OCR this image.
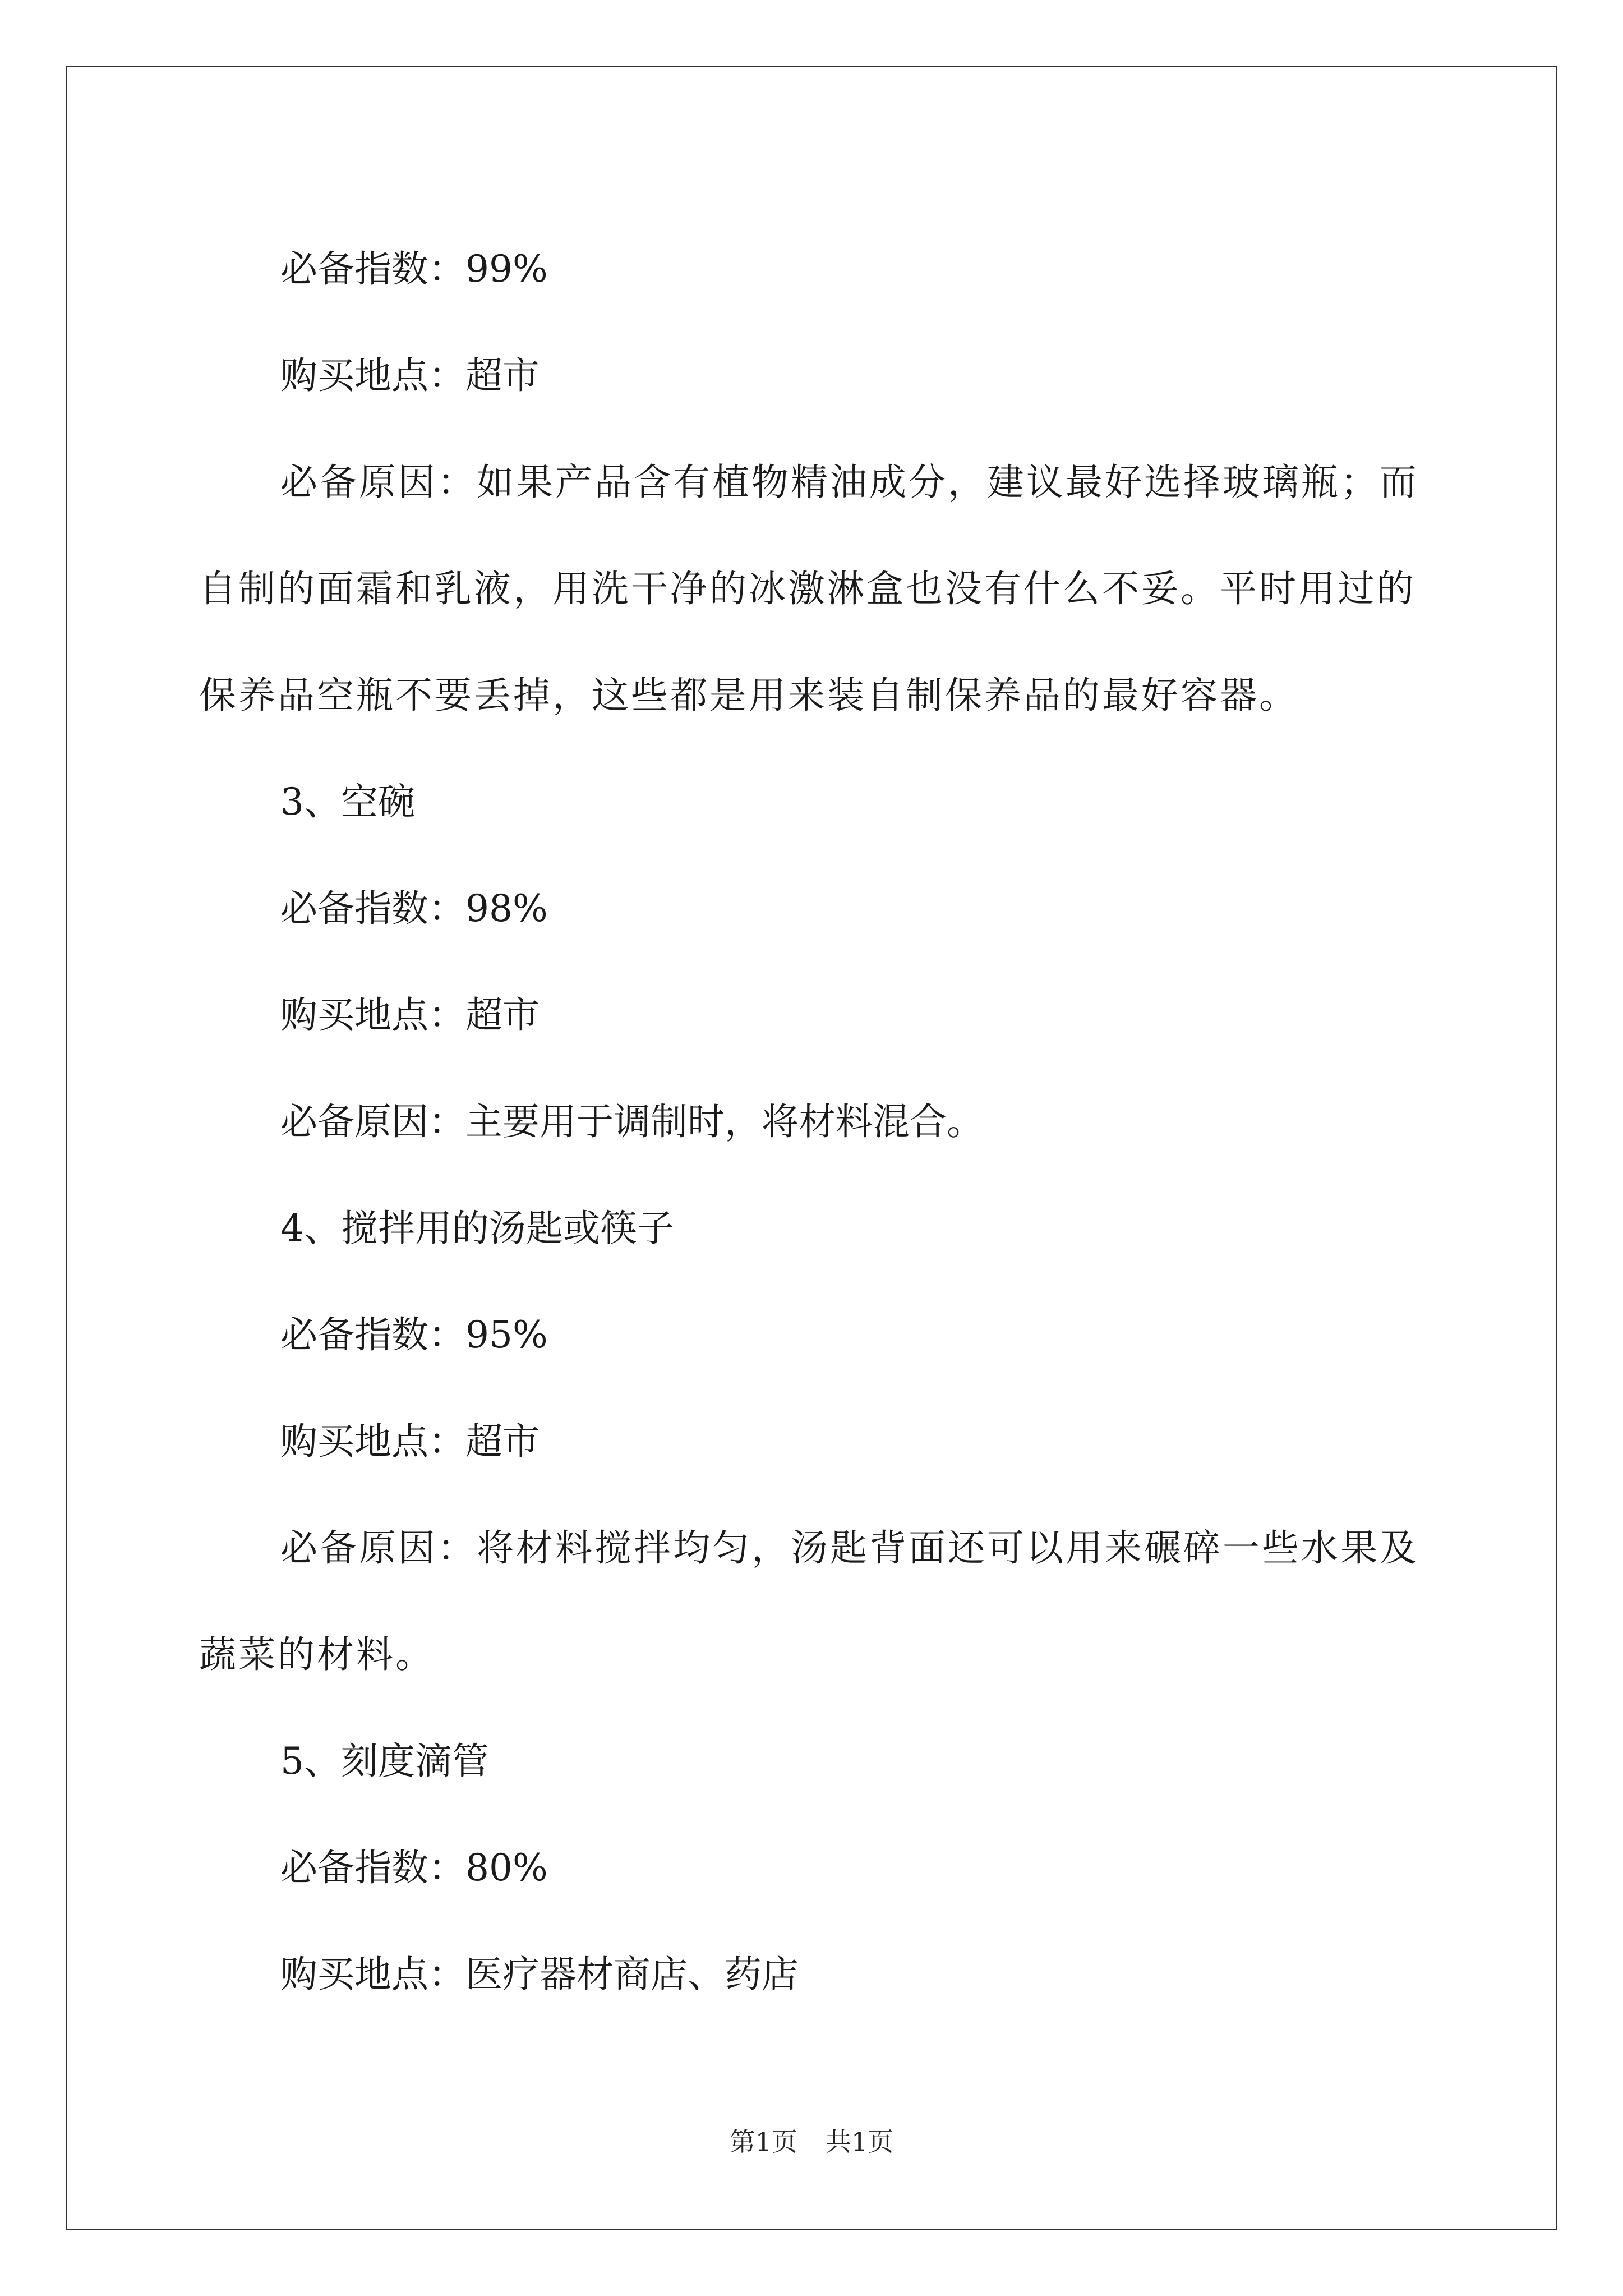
必备指数：99%

购买地点：超市

必备原因：如果产品含有植物精油成分，建议最好选择玻璃瓶；而自制的面霜和乳液，用洗干净的冰激淋盒也没有什么不妥。平时用过的保养品空瓶不要丢掉，这些都是用来装自制保养品的最好容器。

3、空碗

必备指数：98%

购买地点：超市

必备原因：主要用于调制时，将材料混合。

4、搅拌用的汤匙或筷子

必备指数：95%

购买地点：超市

必备原因：将材料搅拌均匀，汤匙背面还可以用来碾碎一些水果及蔬菜的材料。

5、刻度滴管

必备指数：80%

购买地点：医疗器材商店、药店

第1页 共1页
